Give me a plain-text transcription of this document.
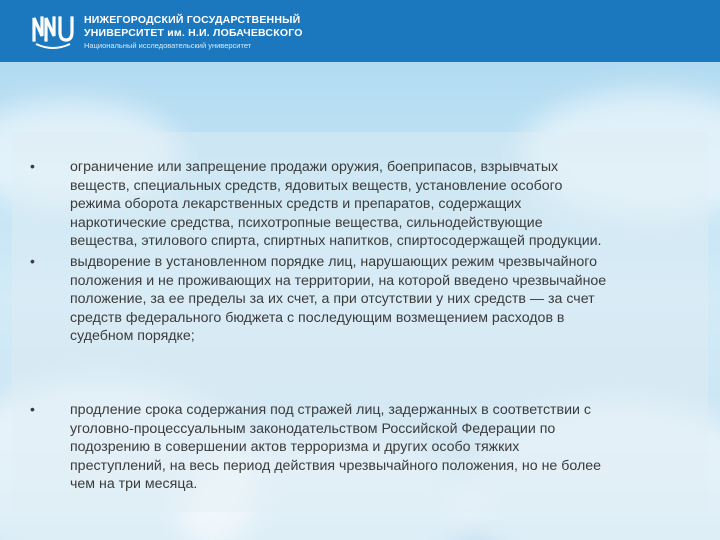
НИЖЕГОРОДСКИЙ ГОСУДАРСТВЕННЫЙ
УНИВЕРСИТЕТ им. Н.И. ЛОБАЧЕВСКОГО
Национальный исследовательский университет
• ограничение или запрещение продажи оружия, боеприпасов, взрывчатых
веществ, специальных средств, ядовитых веществ, установление особого
режима оборота лекарственных средств и препаратов, содержащих
наркотические средства, психотропные вещества, сильнодействующие
вещества, этилового спирта, спиртных напитков, спиртосодержащей продукции.
• выдворение в установленном порядке лиц, нарушающих режим чрезвычайного
положения и не проживающих на территории, на которой введено чрезвычайное
положение, за ее пределы за их счет, а при отсутствии у них средств — за счет
средств федерального бюджета с последующим возмещением расходов в
судебном порядке;
• продление срока содержания под стражей лиц, задержанных в соответствии с
уголовно-процессуальным законодательством Российской Федерации по
подозрению в совершении актов терроризма и других особо тяжких
преступлений, на весь период действия чрезвычайного положения, но не более
чем на три месяца.
